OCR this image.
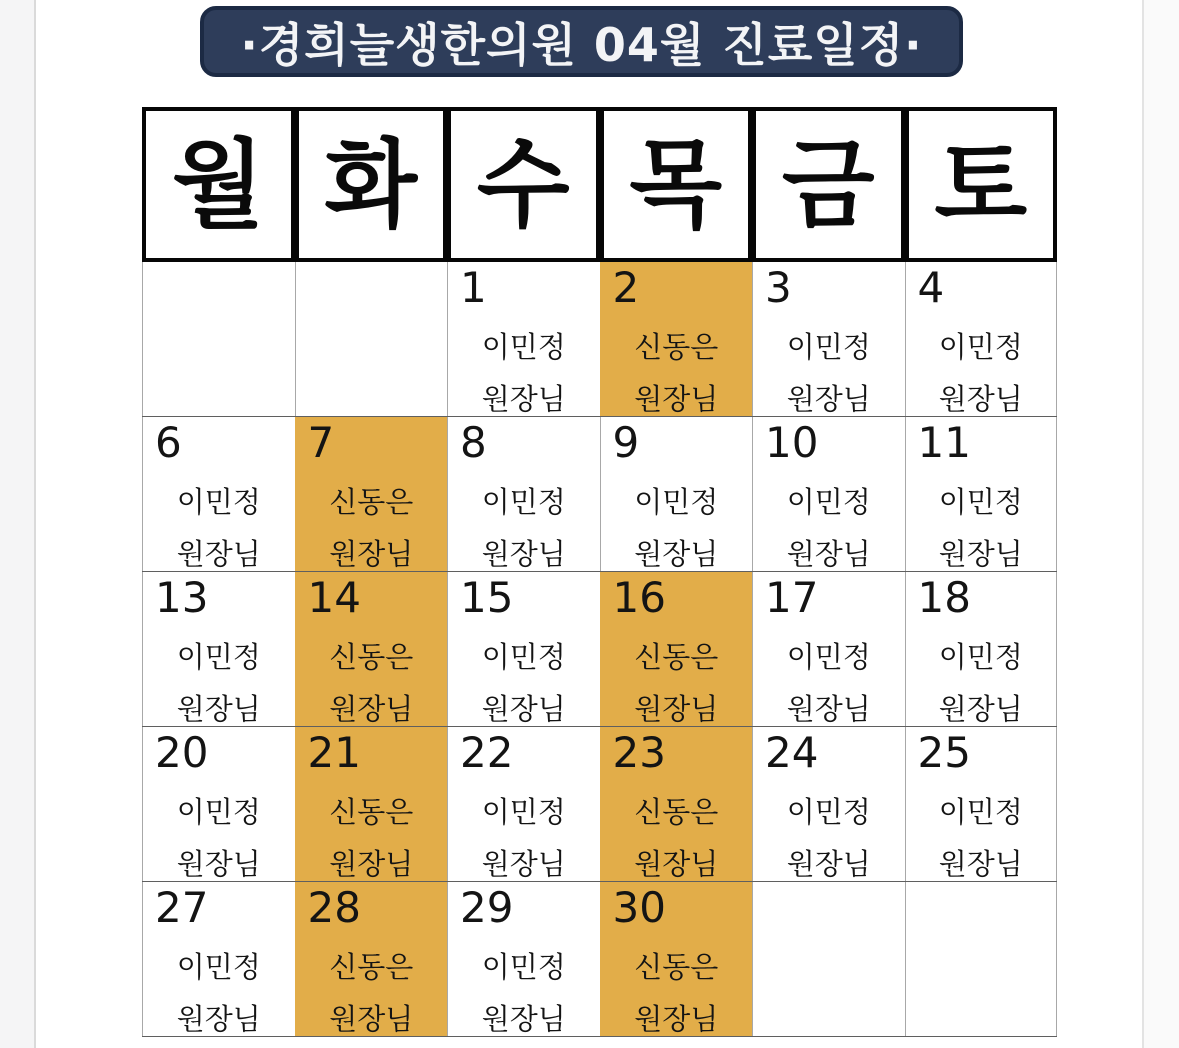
·경희늘생한의원 04월 진료일정·
월 화 수 목 금 토
1
이민정
원장님
2
신동은
원장님
3
이민정
원장님
4
이민정
원장님
6
이민정
원장님
7
신동은
원장님
8
이민정
원장님
9
이민정
원장님
10
이민정
원장님
11
이민정
원장님
13
이민정
원장님
14
신동은
원장님
15
이민정
원장님
16
신동은
원장님
17
이민정
원장님
18
이민정
원장님
20
이민정
원장님
21
신동은
원장님
22
이민정
원장님
23
신동은
원장님
24
이민정
원장님
25
이민정
원장님
27
이민정
원장님
28
신동은
원장님
29
이민정
원장님
30
신동은
원장님
